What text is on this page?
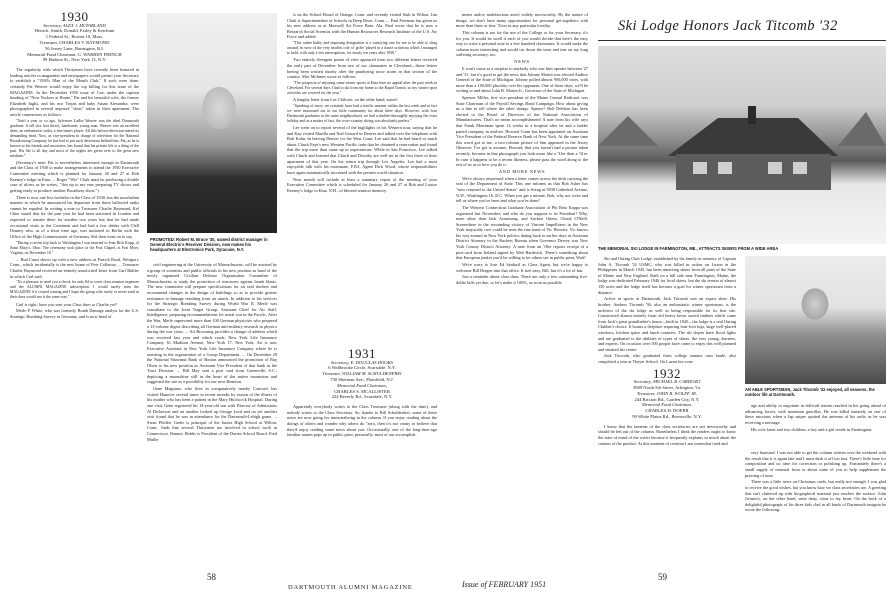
1930
Secretary, ALEX J. MCFARLAND
Herrick, Smith, Donald, Farley & Ketchum
1 Federal St., Boston 10, Mass.
Treasurer, CHARLES V. RAYMOND
56 Jersey Lane, Barrington, R.I.
Memorial Fund Chairman, G. WARREN FRENCH
99 Hudson St., New York 13, N.Y.

The regularity with which Thirtymen have recently been featured in leading articles in magazines and newspapers would permit your Secretary to establish a "1930's Man of the Month Club." If such were done, certainly Pat Weaver would enjoy the top billing for this issue of the MAGAZINE. In the December 1950 issue of Cue, under the caption heading of "New Yorkers at Home," Pat and his beautiful wife, the former Elizabeth Inglis, and his two Trojan and baby Susan Alexandra, were photographed in several unposed "shots" taken in their apartment. The article commences as follows:

"Until a year or so ago, Sylvester Laflin Weaver was the ideal Dartmouth graduate. A tall (six foot three), handsome, young man, Weaver was an excellent skier, an enthusiastic sailor, a fine tennis player. All this before television reared its demanding head. Now, as vice-president in charge of television for the National Broadcasting Company, he has had to put such diversions behind him. Pat, as he is known to his friends and associates, has found that his private life is a thing of the past. His life is all day and most of the nights are given over to the great new medium."

(Secretary's note: Pat is nevertheless interested enough in Dartmouth and the Class of 1930 to make arrangements to attend the 1930 Executive Committee meeting which is planned for January 26 and 27 at Bob Keeney's lodge in Etna. ... Roger "Wiz" Clark must be producing a double case of ulcers as he writes, "Am up to my ears preparing TV shows and getting ready to produce another Broadway show.")

There is now one less bachelor in the Class of 1930, but the nonchalant manner in which he announced his departure from those hallowed ranks cannot be equaled. In writing a note to Treasurer Charlie Raymond, Kel Cline stated that for the past year he had been stationed in London and expected to remain there for another two years but that he had made occasional visits to the Continent and had had a few drinks with Clell Denney who, as of a short time ago, was stationed in Berlin with the Office of the High Commissioner of Germany. Kel then went on to say,

"During a recent trip back to Washington I was married to Jean Rich Kopp, of Saint Mary's, Ohio. The ceremony took place at the Post Chapel, at Fort Myer, Virginia, on November 18."

... Bud Caust shows up with a new address at Partick Road, Westport, Conn., which incidentally is the new home of Pete Callaway. ... Treasurer Charlie Raymond received an entirely unsolicited letter from Carl Buhler in which Carl said:

"It's a pleasure to send you a check for only $4 to cover class reunion expenses and the ALUMNI MAGAZINE subscription. I would surely miss the MAGAZINE if it ceased coming and I hope the group who rarely or never send in their dues would see it the same way."

Carl is right; have you sent your Class dues to Charlie yet?

Merle P. White, who was formerly Bomb Damage analyst for the U.S. Strategic Bombing Survey in Germany, and is now head of

PROMOTED: Robert M. Bruce '30, named district manager in General Electric's Receiver Division, now makes his headquarters at Electronics Park, Syracuse, N.Y.

civil engineering at the University of Massachusetts, will be assisted by a group of scientists and public officials in his new position as head of the newly organized Civilian Defense Organization Committee of Massachusetts to study the protection of structures against bomb blasts. The new committee will prepare specifications for air raid shelters and recommend changes in the design of buildings so as to provide greater resistance to damage resulting from air attack. In addition to his services for the Strategic Bombing Survey during World War II, Merle was consultant to the Joint Target Group, Assistant Chief for Air Staff, Intelligence, preparing recommendations for aerial war in the Pacific. After the War, Merle supervised more than 100 German physicists who prepared a 13-volume digest describing all German anti-military research in physics during the war years. ... Art Browning provides a change of address which was received last year and which reads: New York Life Insurance Company, 61 Madison Avenue, New York 17, New York. Art is now Executive Assistant in New York Life Insurance Company where he is assisting in the organization of a Group Department. ... On December 29 the National Shawmut Bank of Boston announced the promotion of Ray Olsen to his new position as Assistant Vice President of that bank in the Trust Division. ... Bill May sent a post card from Greenville, S.C., depicting a moonshine still in the heart of the native mountains and suggested the site as a possibility for our next Reunion.

Gene Magnano, who lives in comparatively nearby Concord, has visited Hanover several times in recent months by reason of the illness of his mother who has been a patient in the Mary Hitchcock Hospital. During one visit, Gene registered his 14-year-old son with Director of Admissions Al Dickerson and on another looked up George Lord and on yet another visit found that he was in attendance for the Dartmouth-Lehigh game. ... Swan Pfeiffer Grebe is principal of the Junior High School at Wilton, Conn., finds that several Thirtymen are involved in school work in Connecticut. Ranney Hobbs is President of the Darien School Board. Fred Muller

is on the School Board of Orange, Conn. and recently visited Stub in Wilton. Jim Clark is Superintendent of Schools in Deep River, Conn. ... Paul Freeman has given us his new address as at Maxwell Air Force Base, Ala. Paul wrote that he is now a Research Social Scientist with the Human Resources Research Institute of the U.S. Air Force and added:

"This rather bulky and imposing designation is a satisfying one for me to be able to sling around, in view of the very modest role of 'gofer' played in a dance orchestra which I managed to hold, with only a few interruptions, for nearly ten years after 1930."

Two entirely divergent points of view appeared from two different letters received the early part of December from two of our classmates in Cleveland—those letters having been written shortly after the paralyzing snow storm in that section of the country. Mac McInnes wrote as follows:

"The prospects of enjoying some winter sports at Etna have no appeal after the past week in Cleveland. For several days I had to ski from my home to the Rapid Transit, so my winter sport activities are covered for the year."

A lengthy letter from Lee Chilcote, on the other hand, stated:

"Speaking of snow, we certainly have had a terrific amount within the last week and in fact we were marooned out in our little community for about three days. However, with four Dartmouth graduates in the same neighborhood, we had a double-thoroughly enjoying the extra holiday and as a matter of fact, the cross-country skiing was absolutely perfect."

Lee went on to report several of the highlights of his Western tour, saying that he and Kay visited Marilla and Ned Gerrard in Denver and talked over the telephone with Bob Kohn. In leaving Denver for the West Coast, Lee said that he had heard so much about Chuck Faye's new Western Pacific train that he obtained a reservation and found that the trip more than came up to expectations. While in San Francisco, Lee talked with Chuck and learned that Chuck and Dorothy are well set in the first three of their apartment of this year. On his return trip through Los Angeles, Lee had a most enjoyable talk with his roommate, F.B.I. Agent Dick Wood, whose responsibilities have again automatically increased with the present world situation.

Next month will include at least a summary report of the meeting of your Executive Committee which is scheduled for January 26 and 27 at Bob and Louise Keeney's lodge in Etna, N.H., of blessed reunion memory.

1931
Secretary, E. DOUGLAS HOOKS
6 Wallbrooke Circle, Scarsdale, N.Y.
Treasurer, WILLIAM M. SCHULDENFREI
730 Sherman Ave., Plainfield, N.J.
Memorial Fund Chairman,
CHARLES S. MCALLISTER
224 Beverly Rd., Scarsdale, N.Y.

Apparently everybody writes to the Class Treasurer (along with the dues), and nobody writes to the Class Secretary. So, thanks to Bill Schuldenfrei, some of these notes are now going for immortalizing in the column. If you enjoy reading about the doings of others and wonder why others do "zero, then it's not vanity to believe that they'd enjoy reading some news about you. Occasionally, one of the long-time-ago familiar names pops up in public print; personally, most of our accomplish-

58
DARTMOUTH ALUMNI MAGAZINE

ments and/or malefactions aren't widely newsworthy. By the nature of things, we don't have many opportunities for personal get-togethers with more than three or four '31ers in any particular locality.

This column is not for the use of the College or for your Secretary, it's for you. It would be swell if each of you would decide that here's the easy way to write a personal note to a few hundred classmates. It would make the column more interesting and would cut down the wear and tear on my long suffering secretary, too.

NEWS

It won't come as a surprise to anybody who saw him operate between '27 and '31, but it's good to get the news that Johnny Martin was elected Auditor General of the State of Michigan. Johnny polled almost 900,000 votes, with more than a 100,000 plurality over his opponent. One of these days, we'll be writing to and about John B. Martin Jr., Governor of the State of Michigan.

Spencer Miller, first vice-president of the Maine Central Railroad, was State Chairman of the Payroll Savings Bond Campaign. How about giving us a line to tell where the other doings. Spence? Bob Dehlsen has been elected to the Board of Directors of the National Association of Manufacturers. That's no mean accomplishment! A note from his wife says that Frank Merriman spent 14 weeks in a hospital after he and a ladder parted company in mid-air. Howard Cram has been appointed an Assistant Vice President of the Federal Reserve Bank of New York. At the same time this word got to me, a two-column picture of him appeared in the Jersey Observer. I've got to assume, Howard, that you haven't had a picture taken recently, because in that photograph you look more like a '31er than a '31er. In case it happens to be a recent likeness, please pass the word along to the rest of us as to how you do it.

AND MORE NEWS

We're always impressed when a letter comes across the desk carrying the seal of the Department of State. This one informs us that Bob Asher has "now returned to the United States" and is living at 5838 Cathedral Avenue, N.W., Washington 16, D.C. When you get a minute, Bob, why not write and tell us where you've been and what you've done?

The Western Connecticut Graduate Association of Phi Beta Kappa was organized last November, and who do you suppose is its President? Why, none other than Jack Armstrong, and Sucken Oriem, Chuck O'Neill. Somewhere in the resounding victory of Vincent Impellitteri in the New York mayoralty race could be seen the fine hand of Vic Herwitz. Vic knows his way around in New York politics dating back to earlier days as Assistant District Attorney in the Rackets Bureau when Governor Dewey was New York County District Attorney. A note from an '18er reports receipt of a post-card from Ireland signed by Walt Hardwick. There's something about that European junket you'd be willing to let others see in public print, Walt?

We're sorry to lose Ed Stoduril as Class Agent, but we're happy to welcome Bill Bergen into that office. It isn't easy, Bill, but it's a lot of fun.

Just a reminder about class dues. There are only a few outstanding five-dollar bills yet due, so let's make it 100%, as soon as possible.

Ski Lodge Honors Jack Titcomb '32
THE MEMORIAL SKI LODGE IN FARMINGTON, ME., ATTRACTS SKIERS FROM A WIDE AREA

Ski and Outing Club Lodge, established by his family in memory of Captain John A. Titcomb '32 USMC, who was killed in action on Luzon in the Philippines in March 1945, has been attracting skiers from all parts of the State of Maine and New England. Built on a hill side near Farmington, Maine, the lodge was dedicated February 1946 for local skiers, but the ski terrain of almost 150 acres and the lodge itself has become a goal for winter sportsmen from a distance.

Active in sports at Dartmouth, Jack Titcomb was an expert skier. His brother, Andrew Titcomb '36, also an enthusiastic winter sportsman, is the architect of the ski lodge as well as being responsible for its fine site. Constructed almost entirely from old heavy hewn sawed timbers which came from Jack's great grandfather's house—built in 1845—the lodge is a real Outing Clubber's choice. It boasts a fireplace requiring four-foot logs, large well-placed windows, kitchen space and lunch counters. The ski slopes have flood lights and are graduated to the abilities of types of skiers: the very young, learners, and experts. On occasion over 500 people have come to enjoy this well planned and situated ski center.

Jack Titcomb, who graduated from college summa cum laude, also completed a year at Thayer School. On Luzon his-cour-

1932
Secretary, MICHAEL B. CARDOZO
3909 North 5th Street, Arlington, Va.
Treasurer, JOHN R. WOLFF JR.
244 Brixton Rd., Garden City, N.Y.
Memorial Fund Chairman,
CHARLES D. DOERR
99 White Plains Rd., Bronxville, N.Y.

I know that the laments of the class secretaries are not newsworthy and should be left out of the column. Nonetheless I think the readers ought to know the state of mind of the writer because it frequently explains so much about the content of the product. At this moment of creation I am somewhat tired and

AN ABLE SPORTSMAN, Jack Titcomb '32 enjoyed, all seasons, the outdoor life at Dartmouth.

age and ability to negotiate in difficult terrain resulted in his going ahead of advancing forces, with mountain guerillas. He was killed instantly on one of these missions when a Jap sniper spotted the antenna of his radio as he was receiving a message.

His wife Janet and two children, a boy and a girl reside in Farmington.

very harassed. I was not able to get the column written over the weekend with the result that it is again late and I must dash it off too fast. There's little time for composition and no time for correction or polishing up. Fortunately there's a small supply of material from or about some of you to help supplement the pressing of time.

There was a little news on Christmas cards, but really not enough. I was glad to receive the good wishes, but you know how we class secretaries are. A greeting that isn't cluttered up with biographical material just touches the surface. John Grimes's, on the other hand, went deep, close to my heart. On the back of a delightful photograph of his three kids clad in all kinds of Dartmouth insignia he wrote the following:

Issue of FEBRUARY 1951
59
